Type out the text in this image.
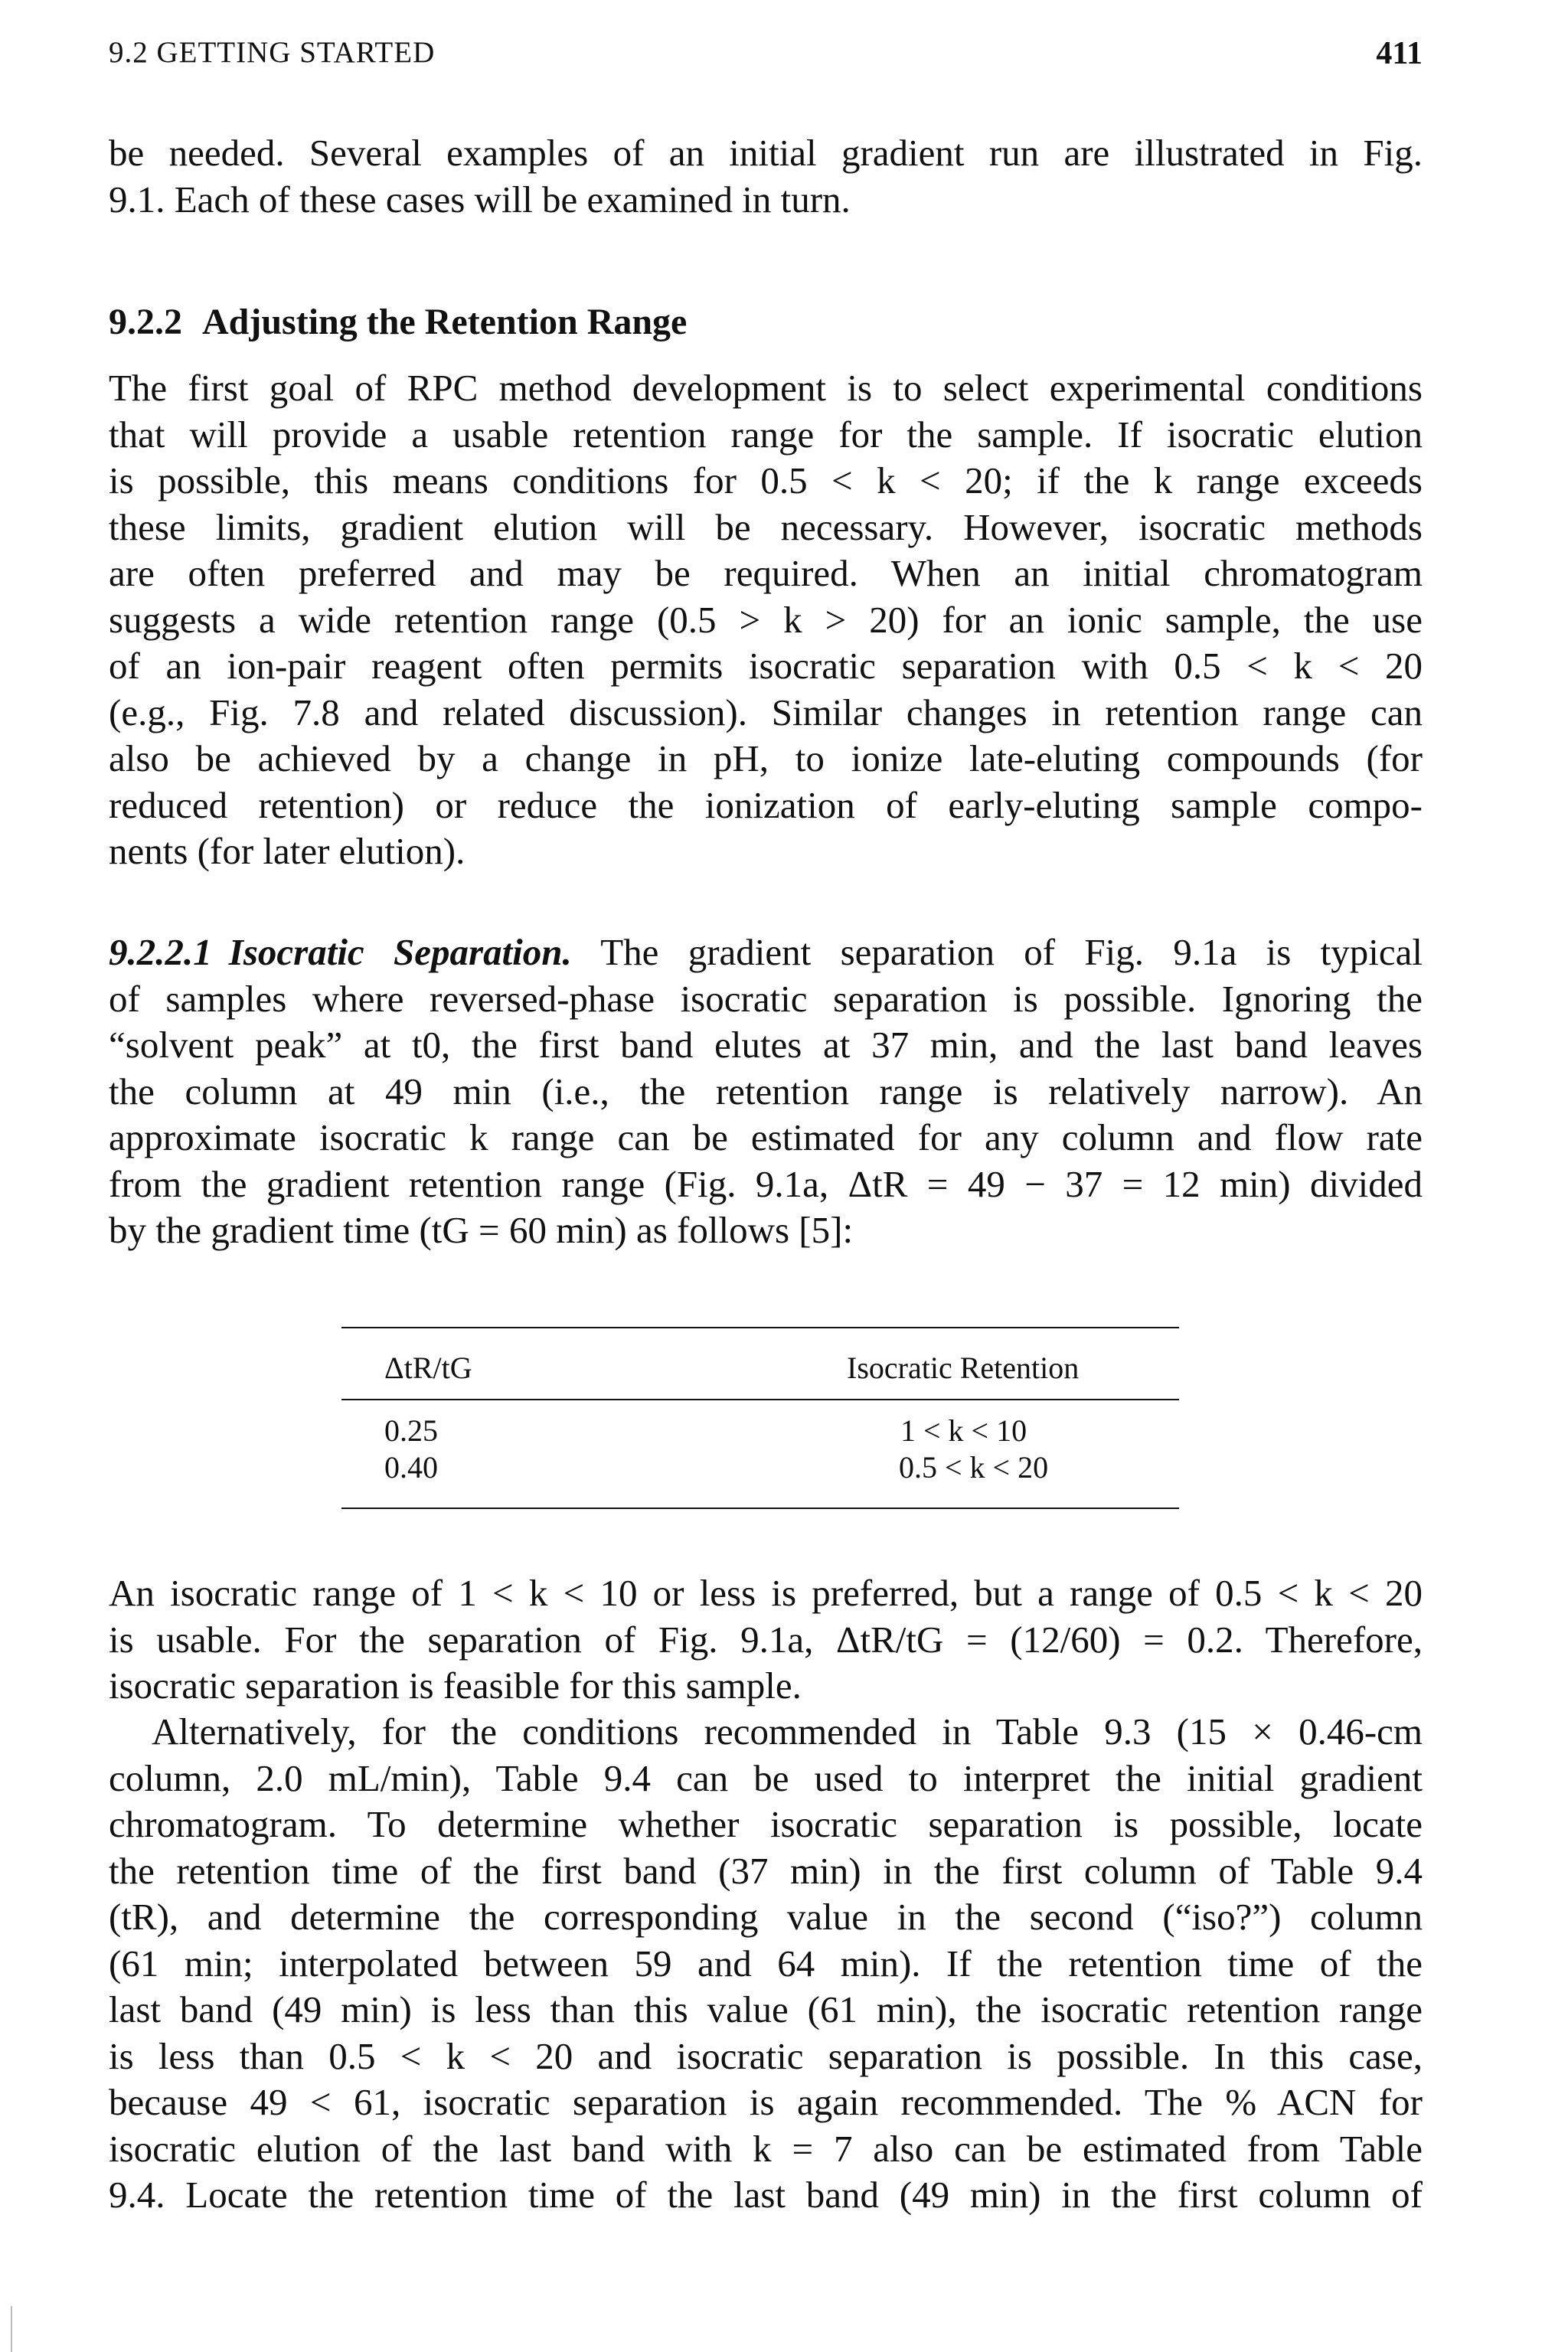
9.2 GETTING STARTED	411
be needed. Several examples of an initial gradient run are illustrated in Fig.
9.1. Each of these cases will be examined in turn.
9.2.2 Adjusting the Retention Range
The first goal of RPC method development is to select experimental conditions
that will provide a usable retention range for the sample. If isocratic elution
is possible, this means conditions for 0.5 < k < 20; if the k range exceeds
these limits, gradient elution will be necessary. However, isocratic methods
are often preferred and may be required. When an initial chromatogram
suggests a wide retention range (0.5 > k > 20) for an ionic sample, the use
of an ion-pair reagent often permits isocratic separation with 0.5 < k < 20
(e.g., Fig. 7.8 and related discussion). Similar changes in retention range can
also be achieved by a change in pH, to ionize late-eluting compounds (for
reduced retention) or reduce the ionization of early-eluting sample compo-
nents (for later elution).
9.2.2.1 Isocratic Separation. The gradient separation of Fig. 9.1a is typical
of samples where reversed-phase isocratic separation is possible. Ignoring the
“solvent peak” at t0, the first band elutes at 37 min, and the last band leaves
the column at 49 min (i.e., the retention range is relatively narrow). An
approximate isocratic k range can be estimated for any column and flow rate
from the gradient retention range (Fig. 9.1a, ΔtR = 49 − 37 = 12 min) divided
by the gradient time (tG = 60 min) as follows [5]:
ΔtR/tG	Isocratic Retention
0.25	1 < k < 10
0.40	0.5 < k < 20
An isocratic range of 1 < k < 10 or less is preferred, but a range of 0.5 < k < 20
is usable. For the separation of Fig. 9.1a, ΔtR/tG = (12/60) = 0.2. Therefore,
isocratic separation is feasible for this sample.
Alternatively, for the conditions recommended in Table 9.3 (15 × 0.46-cm
column, 2.0 mL/min), Table 9.4 can be used to interpret the initial gradient
chromatogram. To determine whether isocratic separation is possible, locate
the retention time of the first band (37 min) in the first column of Table 9.4
(tR), and determine the corresponding value in the second (“iso?”) column
(61 min; interpolated between 59 and 64 min). If the retention time of the
last band (49 min) is less than this value (61 min), the isocratic retention range
is less than 0.5 < k < 20 and isocratic separation is possible. In this case,
because 49 < 61, isocratic separation is again recommended. The % ACN for
isocratic elution of the last band with k = 7 also can be estimated from Table
9.4. Locate the retention time of the last band (49 min) in the first column of
